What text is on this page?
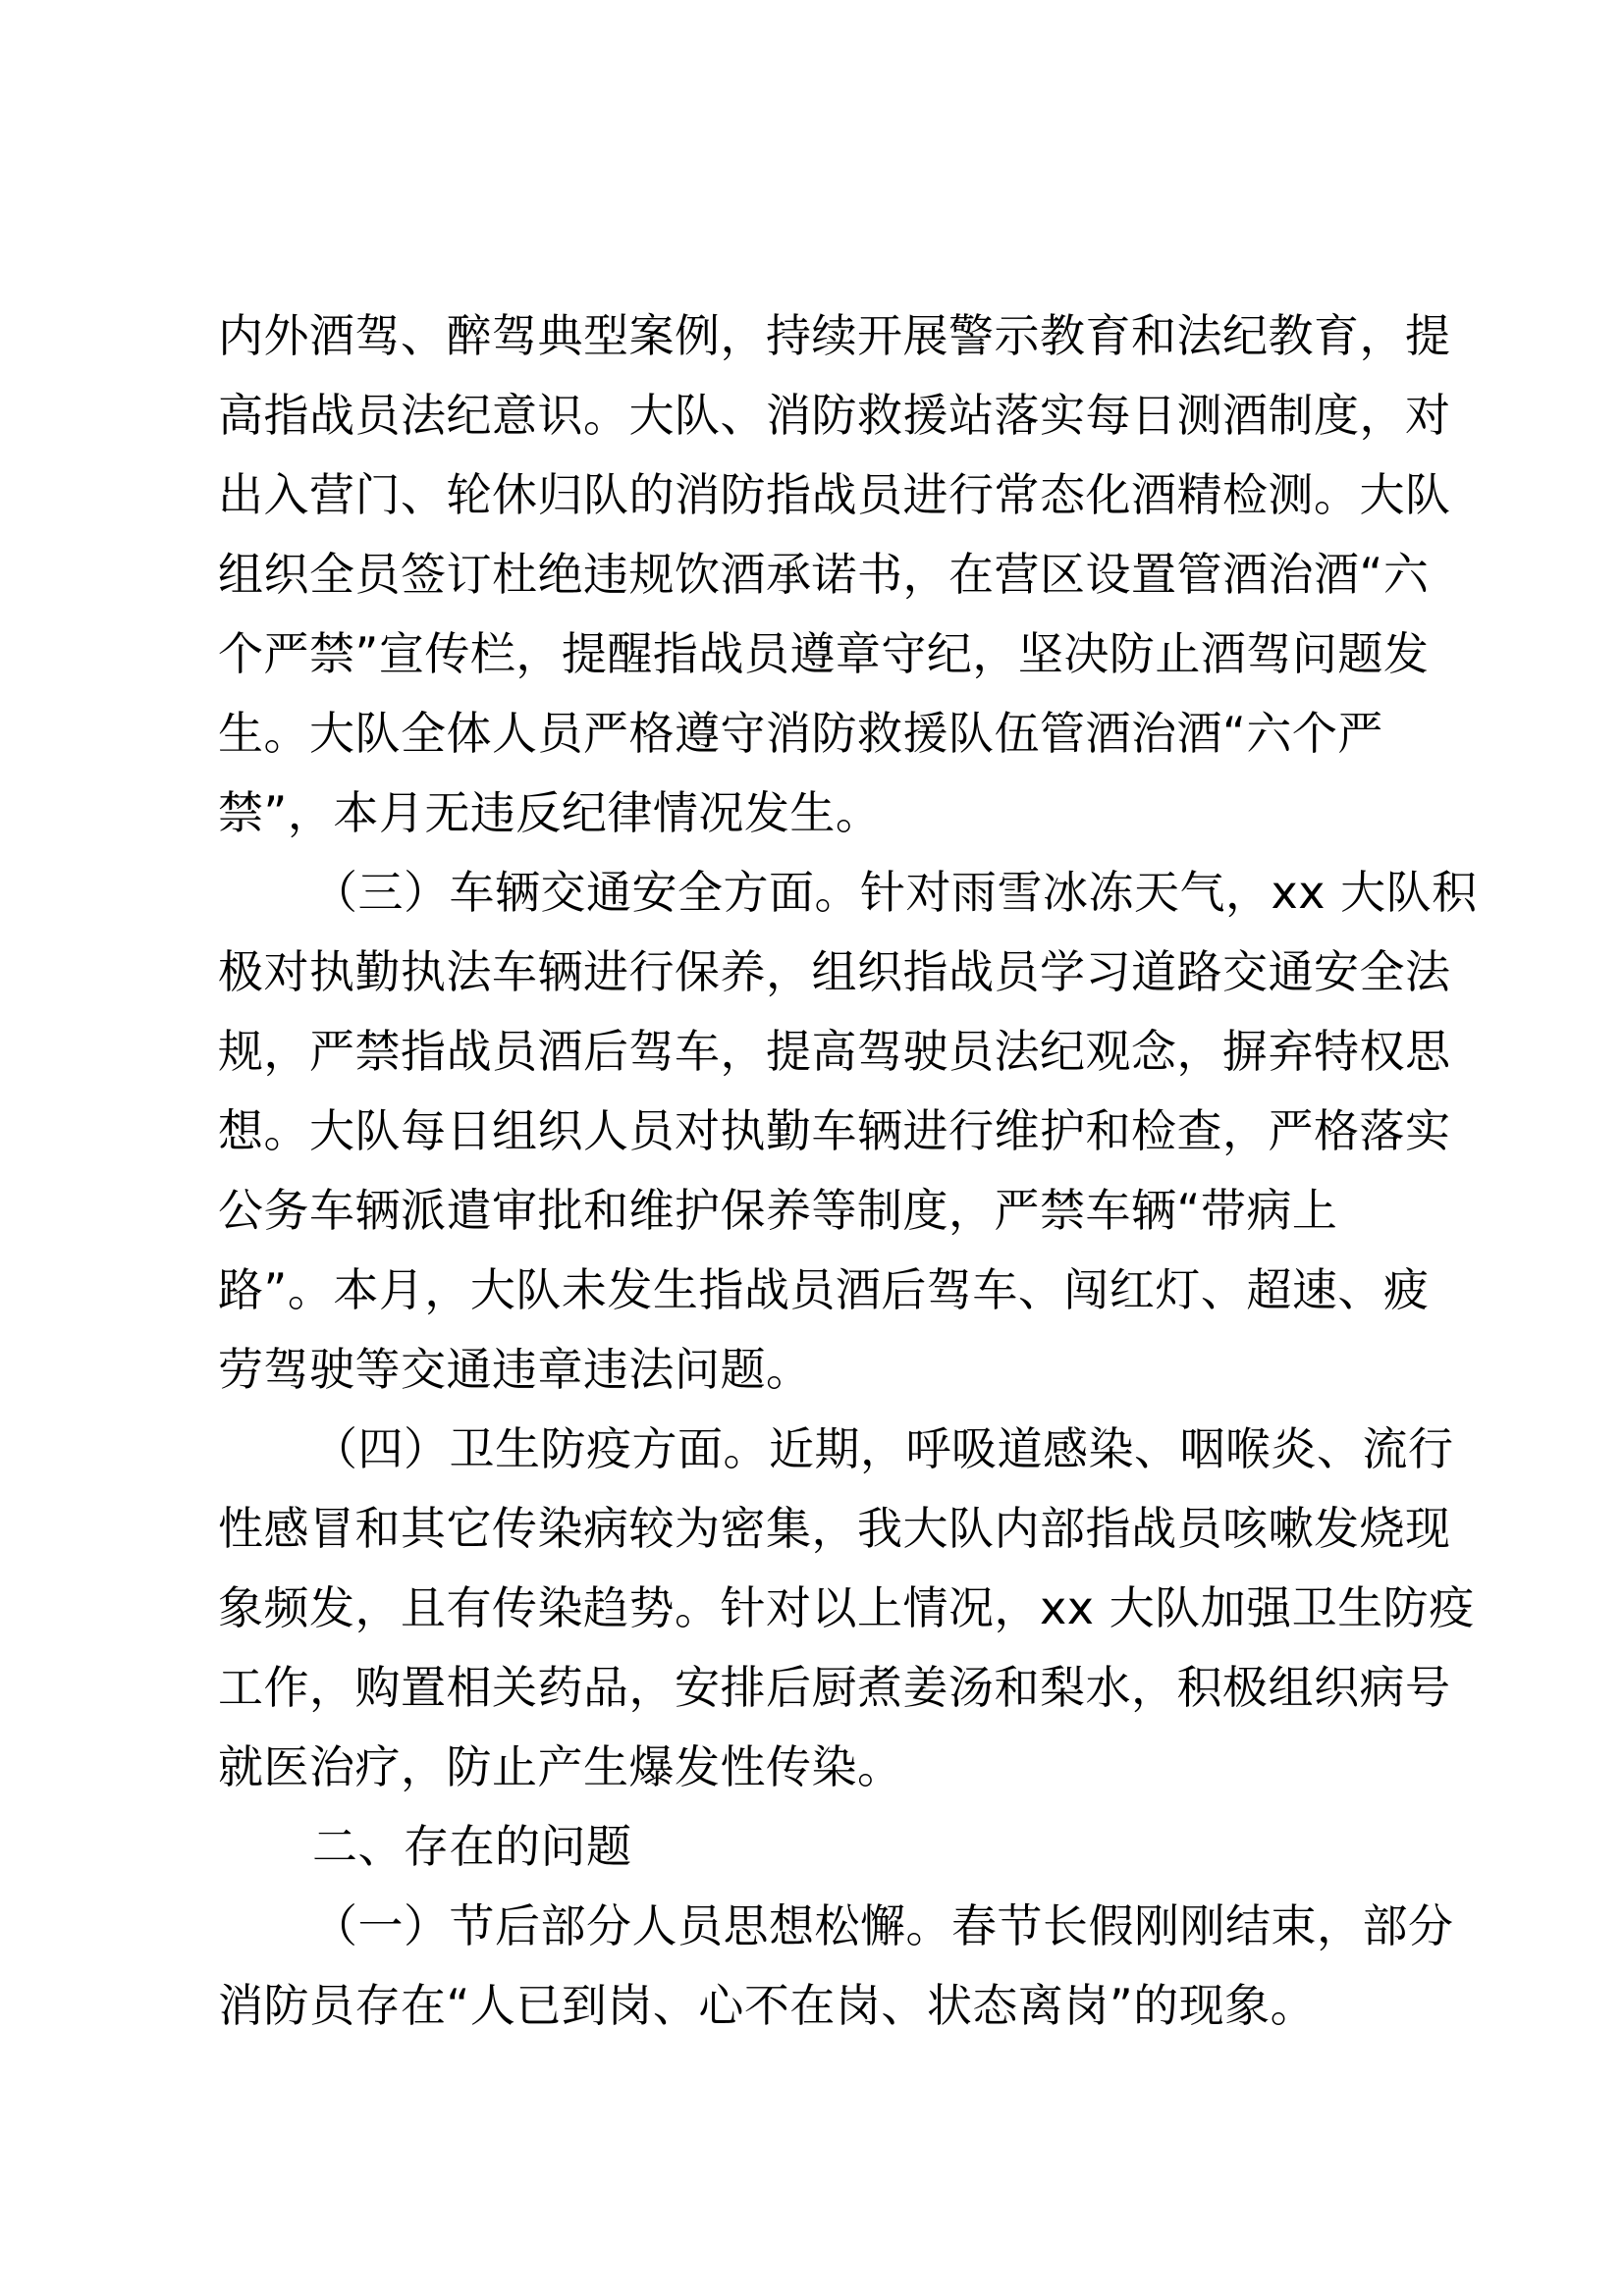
内外酒驾、醉驾典型案例，持续开展警示教育和法纪教育，提
高指战员法纪意识。大队、消防救援站落实每日测酒制度，对
出入营门、轮休归队的消防指战员进行常态化酒精检测。大队
组织全员签订杜绝违规饮酒承诺书，在营区设置管酒治酒“六
个严禁”宣传栏，提醒指战员遵章守纪，坚决防止酒驾问题发
生。大队全体人员严格遵守消防救援队伍管酒治酒“六个严
禁”，本月无违反纪律情况发生。
（三）车辆交通安全方面。针对雨雪冰冻天气，xx 大队积
极对执勤执法车辆进行保养，组织指战员学习道路交通安全法
规，严禁指战员酒后驾车，提高驾驶员法纪观念，摒弃特权思
想。大队每日组织人员对执勤车辆进行维护和检查，严格落实
公务车辆派遣审批和维护保养等制度，严禁车辆“带病上
路”。本月，大队未发生指战员酒后驾车、闯红灯、超速、疲
劳驾驶等交通违章违法问题。
（四）卫生防疫方面。近期，呼吸道感染、咽喉炎、流行
性感冒和其它传染病较为密集，我大队内部指战员咳嗽发烧现
象频发，且有传染趋势。针对以上情况，xx 大队加强卫生防疫
工作，购置相关药品，安排后厨煮姜汤和梨水，积极组织病号
就医治疗，防止产生爆发性传染。
二、存在的问题
（一）节后部分人员思想松懈。春节长假刚刚结束，部分
消防员存在“人已到岗、心不在岗、状态离岗”的现象。
